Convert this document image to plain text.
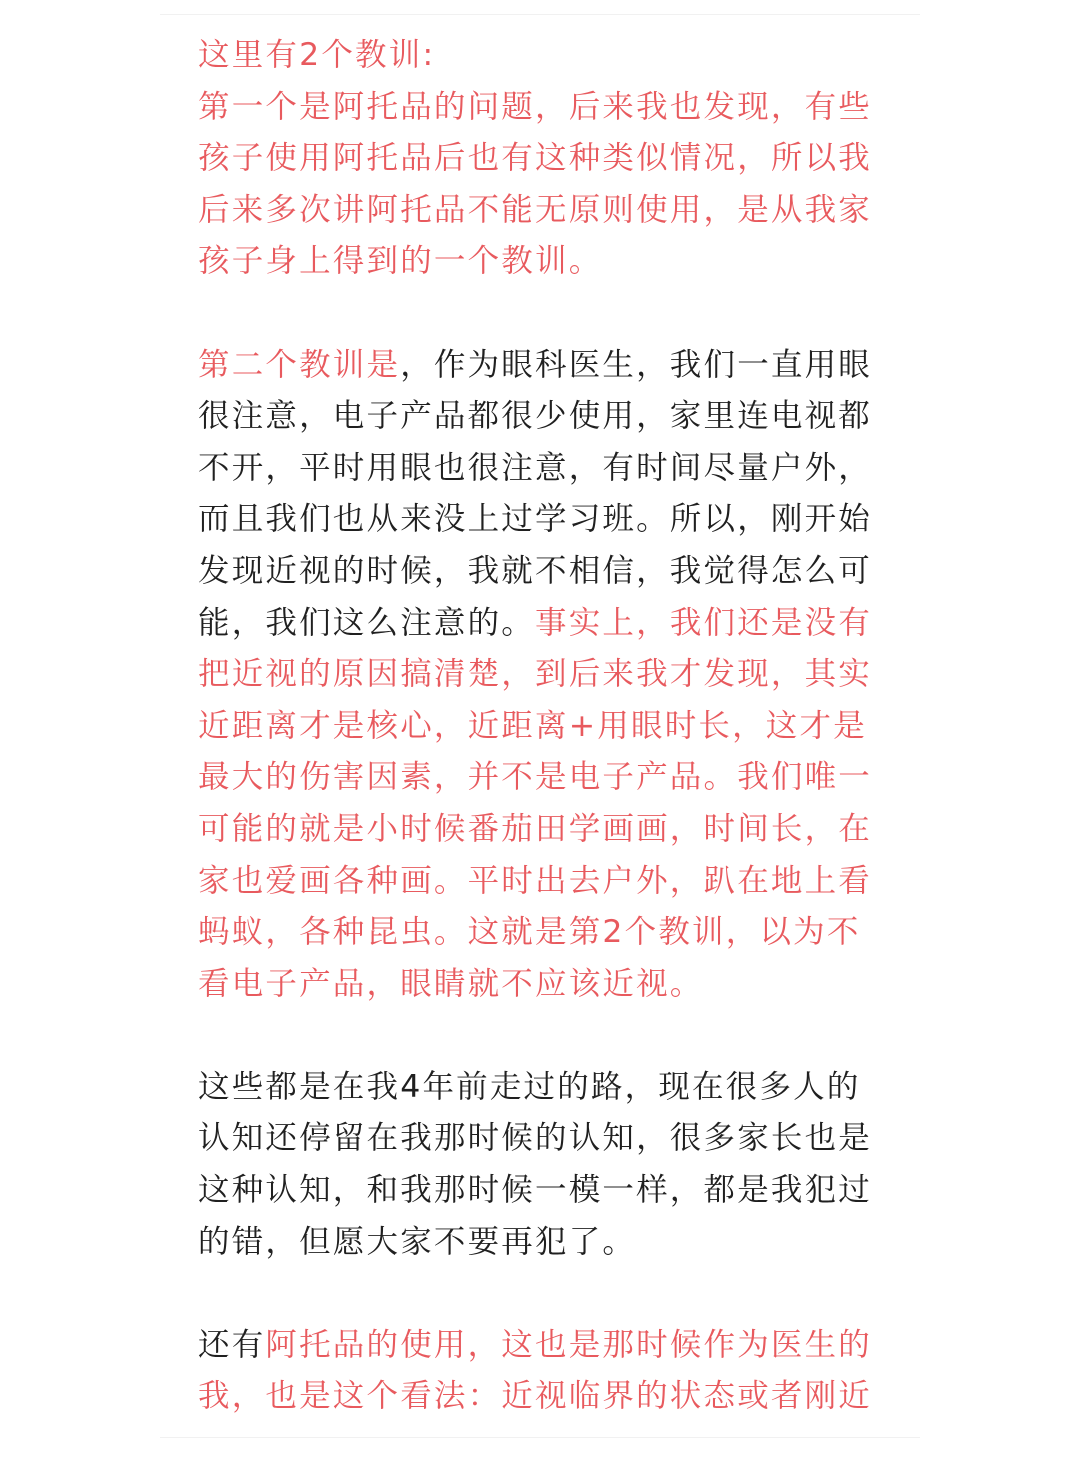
这里有2个教训:
第一个是阿托品的问题，后来我也发现，有些
孩子使用阿托品后也有这种类似情况，所以我
后来多次讲阿托品不能无原则使用，是从我家
孩子身上得到的一个教训。

第二个教训是，作为眼科医生，我们一直用眼
很注意，电子产品都很少使用，家里连电视都
不开，平时用眼也很注意，有时间尽量户外，
而且我们也从来没上过学习班。所以，刚开始
发现近视的时候，我就不相信，我觉得怎么可
能，我们这么注意的。事实上，我们还是没有
把近视的原因搞清楚，到后来我才发现，其实
近距离才是核心，近距离+用眼时长，这才是
最大的伤害因素，并不是电子产品。我们唯一
可能的就是小时候番茄田学画画，时间长，在
家也爱画各种画。平时出去户外，趴在地上看
蚂蚁，各种昆虫。这就是第2个教训，以为不
看电子产品，眼睛就不应该近视。

这些都是在我4年前走过的路，现在很多人的
认知还停留在我那时候的认知，很多家长也是
这种认知，和我那时候一模一样，都是我犯过
的错，但愿大家不要再犯了。

还有阿托品的使用，这也是那时候作为医生的
我，也是这个看法：近视临界的状态或者刚近
